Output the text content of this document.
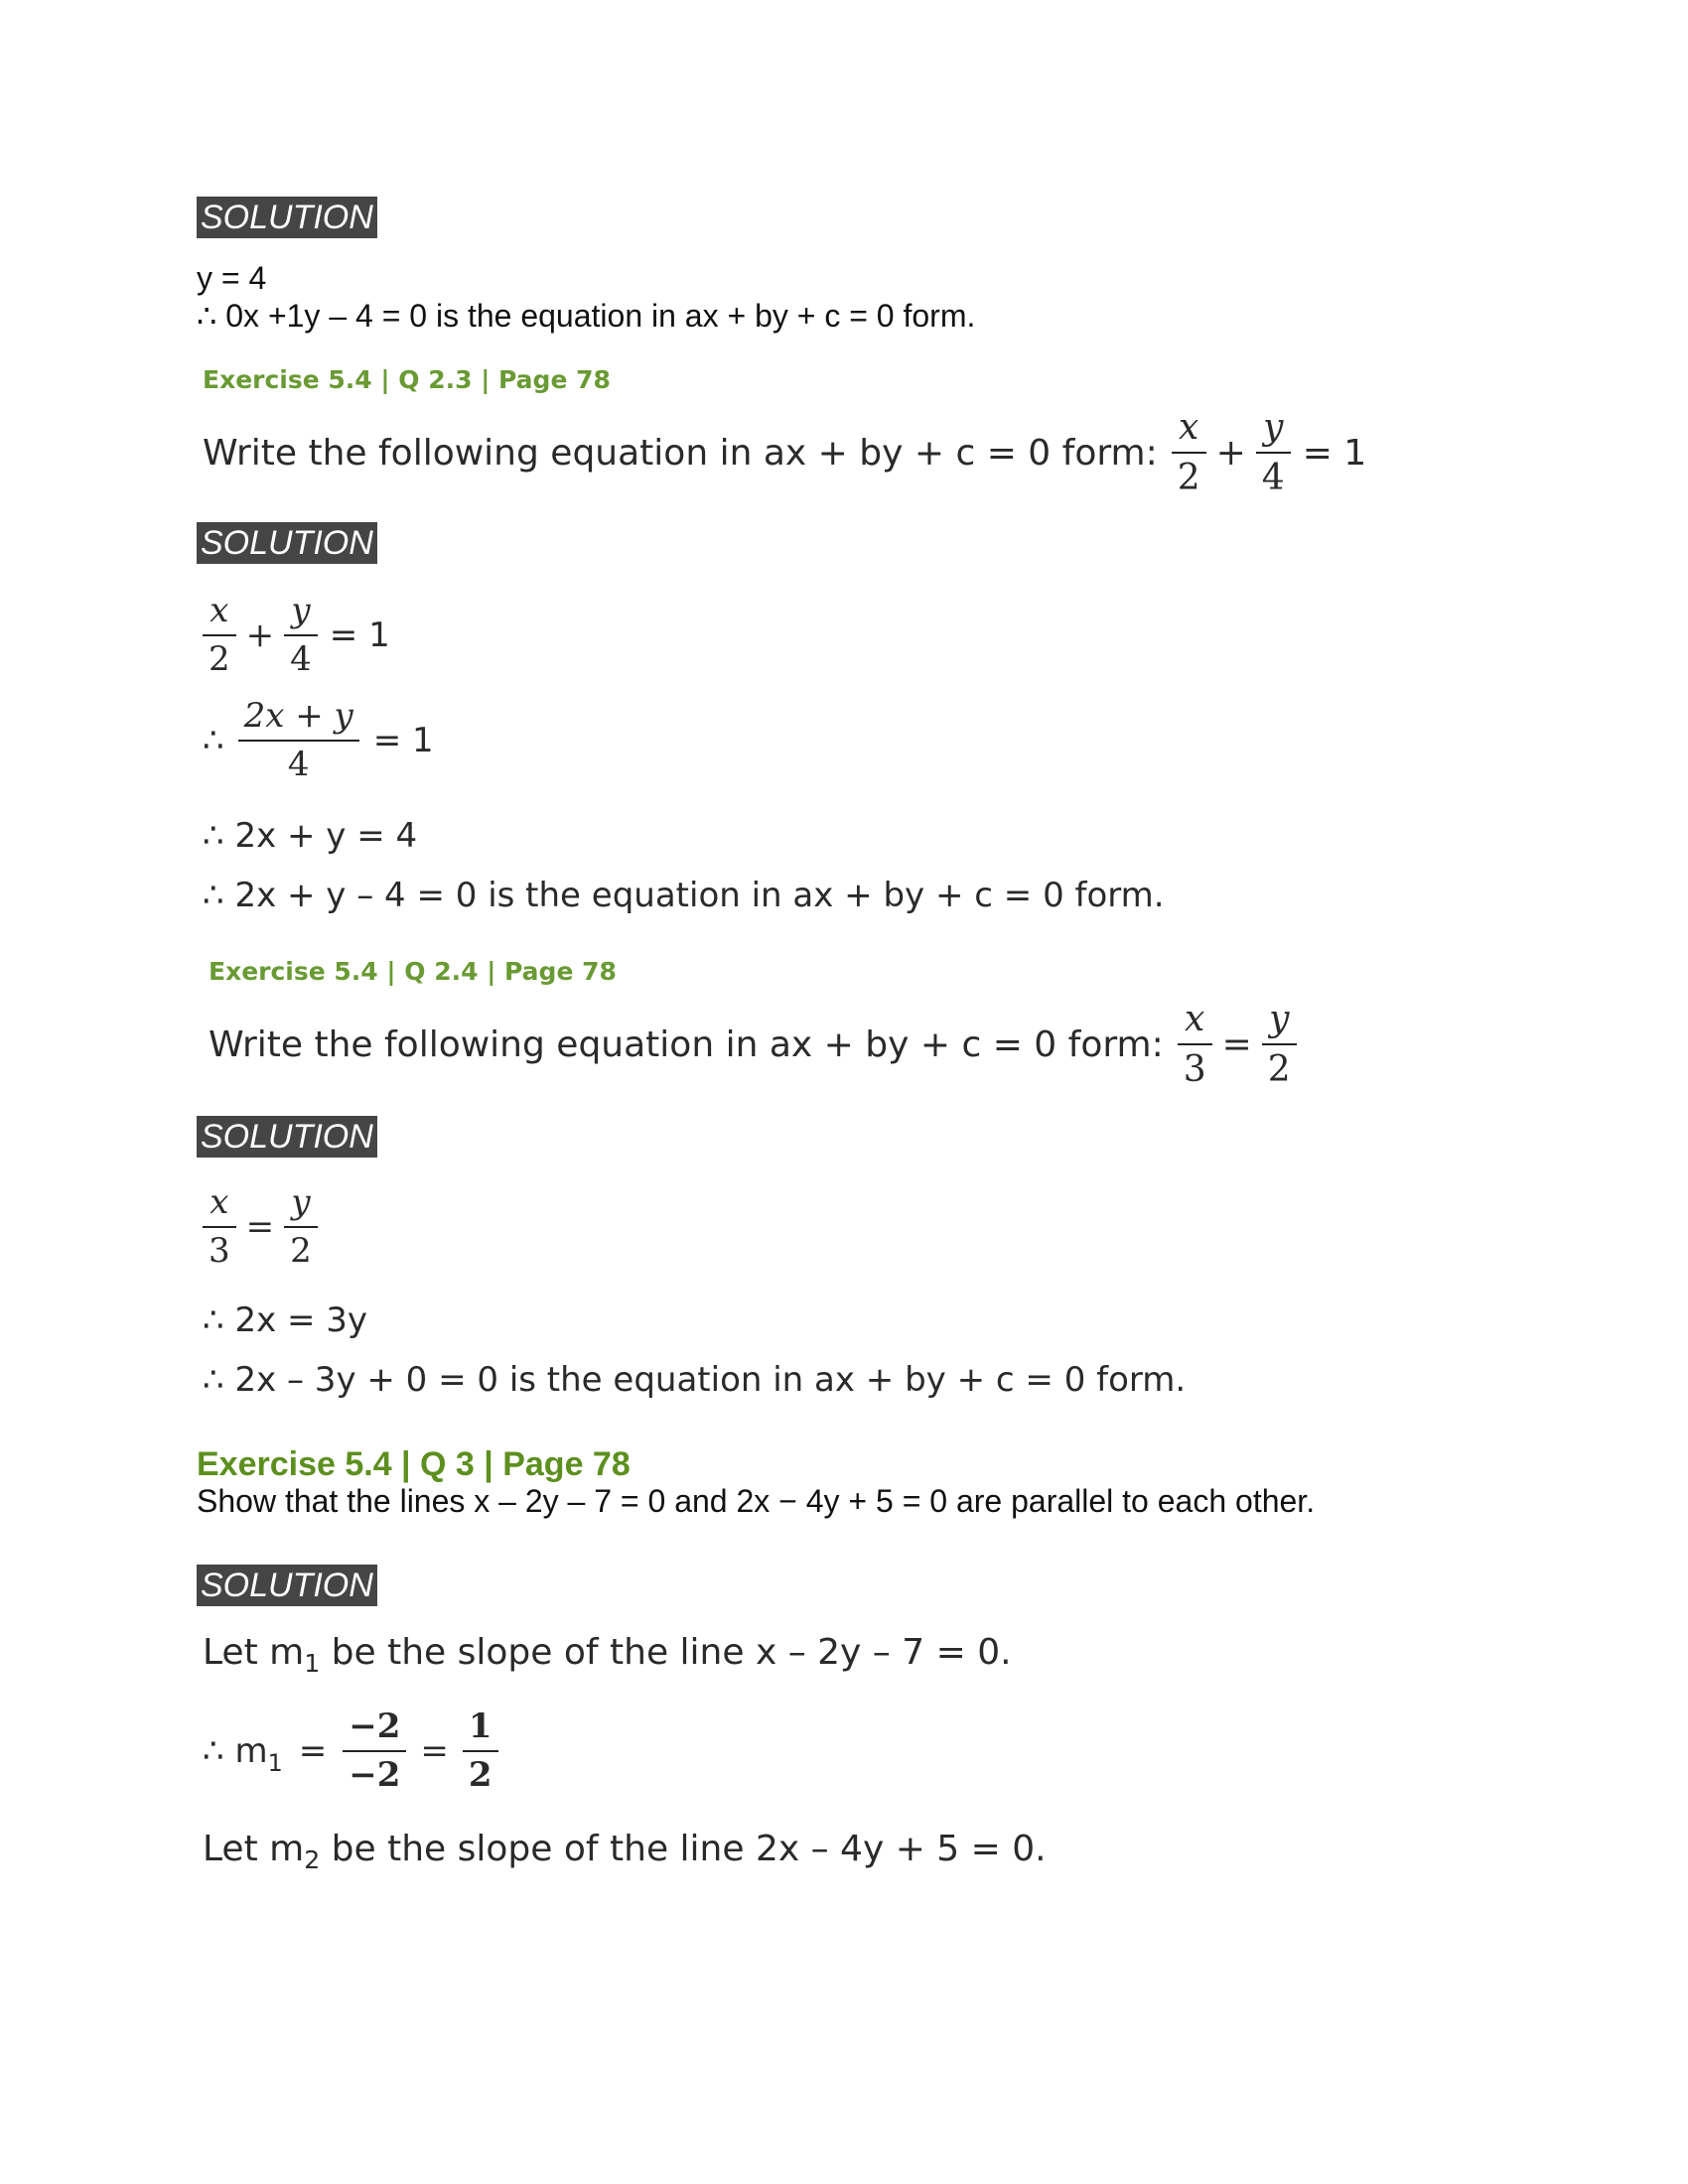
SOLUTION
y = 4
∴ 0x +1y – 4 = 0 is the equation in ax + by + c = 0 form.
Exercise 5.4 | Q 2.3 | Page 78
Write the following equation in ax + by + c = 0 form: $\frac{x}{2} + \frac{y}{4} = 1$
SOLUTION
$\frac{x}{2} + \frac{y}{4} = 1$
∴ $\frac{2x + y}{4} = 1$
∴ 2x + y = 4
∴ 2x + y – 4 = 0 is the equation in ax + by + c = 0 form.
Exercise 5.4 | Q 2.4 | Page 78
Write the following equation in ax + by + c = 0 form: $\frac{x}{3} = \frac{y}{2}$
SOLUTION
$\frac{x}{3} = \frac{y}{2}$
∴ 2x = 3y
∴ 2x – 3y + 0 = 0 is the equation in ax + by + c = 0 form.
Exercise 5.4 | Q 3 | Page 78
Show that the lines x – 2y – 7 = 0 and 2x − 4y + 5 = 0 are parallel to each other.
SOLUTION
Let $m_1$ be the slope of the line x – 2y – 7 = 0.
∴ $m_1 = \frac{-2}{-2} = \frac{1}{2}$
Let $m_2$ be the slope of the line 2x – 4y + 5 = 0.
